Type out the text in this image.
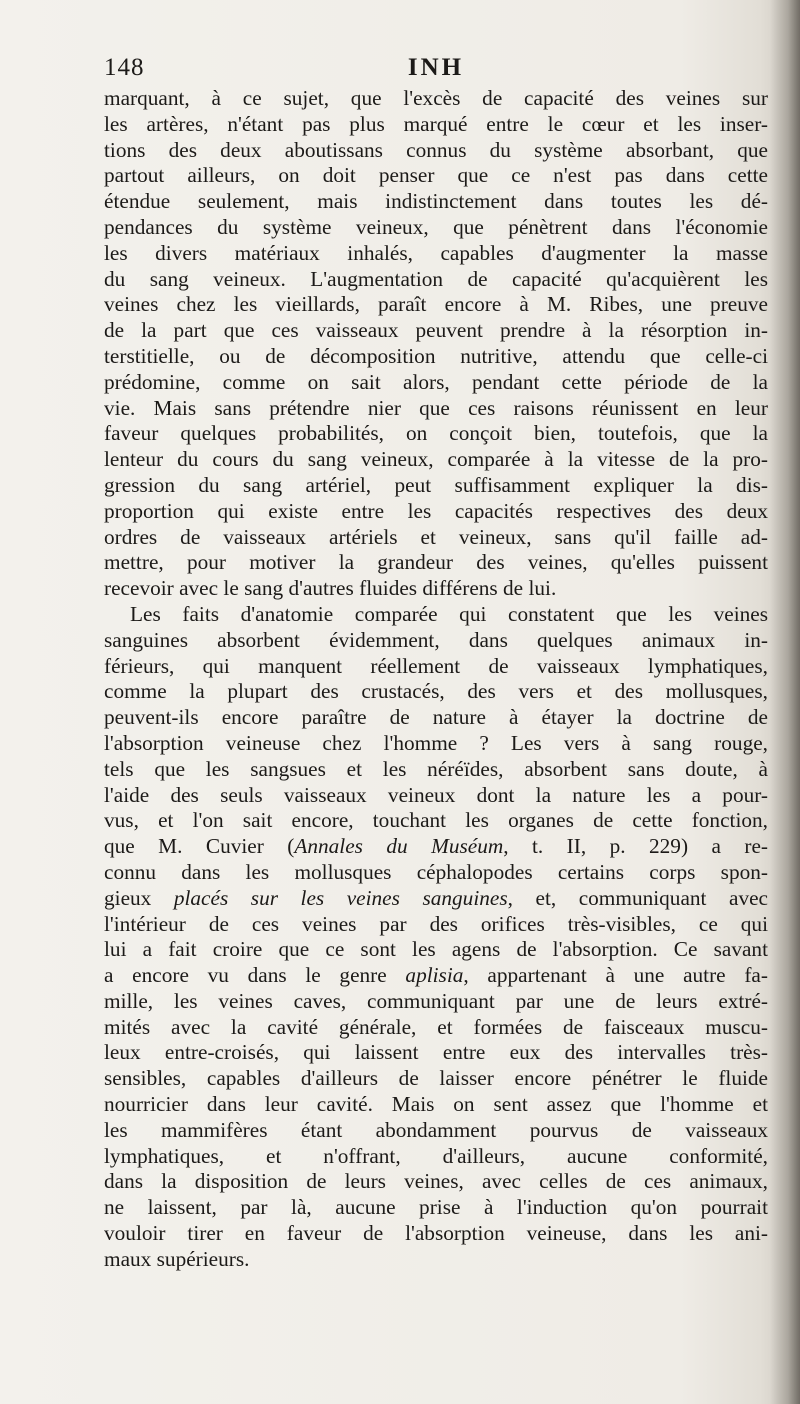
148	INH
marquant, à ce sujet, que l'excès de capacité des veines sur
les artères, n'étant pas plus marqué entre le cœur et les inser-
tions des deux aboutissans connus du système absorbant, que
partout ailleurs, on doit penser que ce n'est pas dans cette
étendue seulement, mais indistinctement dans toutes les dé-
pendances du système veineux, que pénètrent dans l'économie
les divers matériaux inhalés, capables d'augmenter la masse
du sang veineux. L'augmentation de capacité qu'acquièrent les
veines chez les vieillards, paraît encore à M. Ribes, une preuve
de la part que ces vaisseaux peuvent prendre à la résorption in-
terstitielle, ou de décomposition nutritive, attendu que celle-ci
prédomine, comme on sait alors, pendant cette période de la
vie. Mais sans prétendre nier que ces raisons réunissent en leur
faveur quelques probabilités, on conçoit bien, toutefois, que la
lenteur du cours du sang veineux, comparée à la vitesse de la pro-
gression du sang artériel, peut suffisamment expliquer la dis-
proportion qui existe entre les capacités respectives des deux
ordres de vaisseaux artériels et veineux, sans qu'il faille ad-
mettre, pour motiver la grandeur des veines, qu'elles puissent
recevoir avec le sang d'autres fluides différens de lui.
Les faits d'anatomie comparée qui constatent que les veines
sanguines absorbent évidemment, dans quelques animaux in-
férieurs, qui manquent réellement de vaisseaux lymphatiques,
comme la plupart des crustacés, des vers et des mollusques,
peuvent-ils encore paraître de nature à étayer la doctrine de
l'absorption veineuse chez l'homme ? Les vers à sang rouge,
tels que les sangsues et les néréïdes, absorbent sans doute, à
l'aide des seuls vaisseaux veineux dont la nature les a pour-
vus, et l'on sait encore, touchant les organes de cette fonction,
que M. Cuvier (Annales du Muséum, t. II, p. 229) a re-
connu dans les mollusques céphalopodes certains corps spon-
gieux placés sur les veines sanguines, et, communiquant avec
l'intérieur de ces veines par des orifices très-visibles, ce qui
lui a fait croire que ce sont les agens de l'absorption. Ce savant
a encore vu dans le genre aplisia, appartenant à une autre fa-
mille, les veines caves, communiquant par une de leurs extré-
mités avec la cavité générale, et formées de faisceaux muscu-
leux entre-croisés, qui laissent entre eux des intervalles très-
sensibles, capables d'ailleurs de laisser encore pénétrer le fluide
nourricier dans leur cavité. Mais on sent assez que l'homme et
les mammifères étant abondamment pourvus de vaisseaux
lymphatiques, et n'offrant, d'ailleurs, aucune conformité,
dans la disposition de leurs veines, avec celles de ces animaux,
ne laissent, par là, aucune prise à l'induction qu'on pourrait
vouloir tirer en faveur de l'absorption veineuse, dans les ani-
maux supérieurs.
